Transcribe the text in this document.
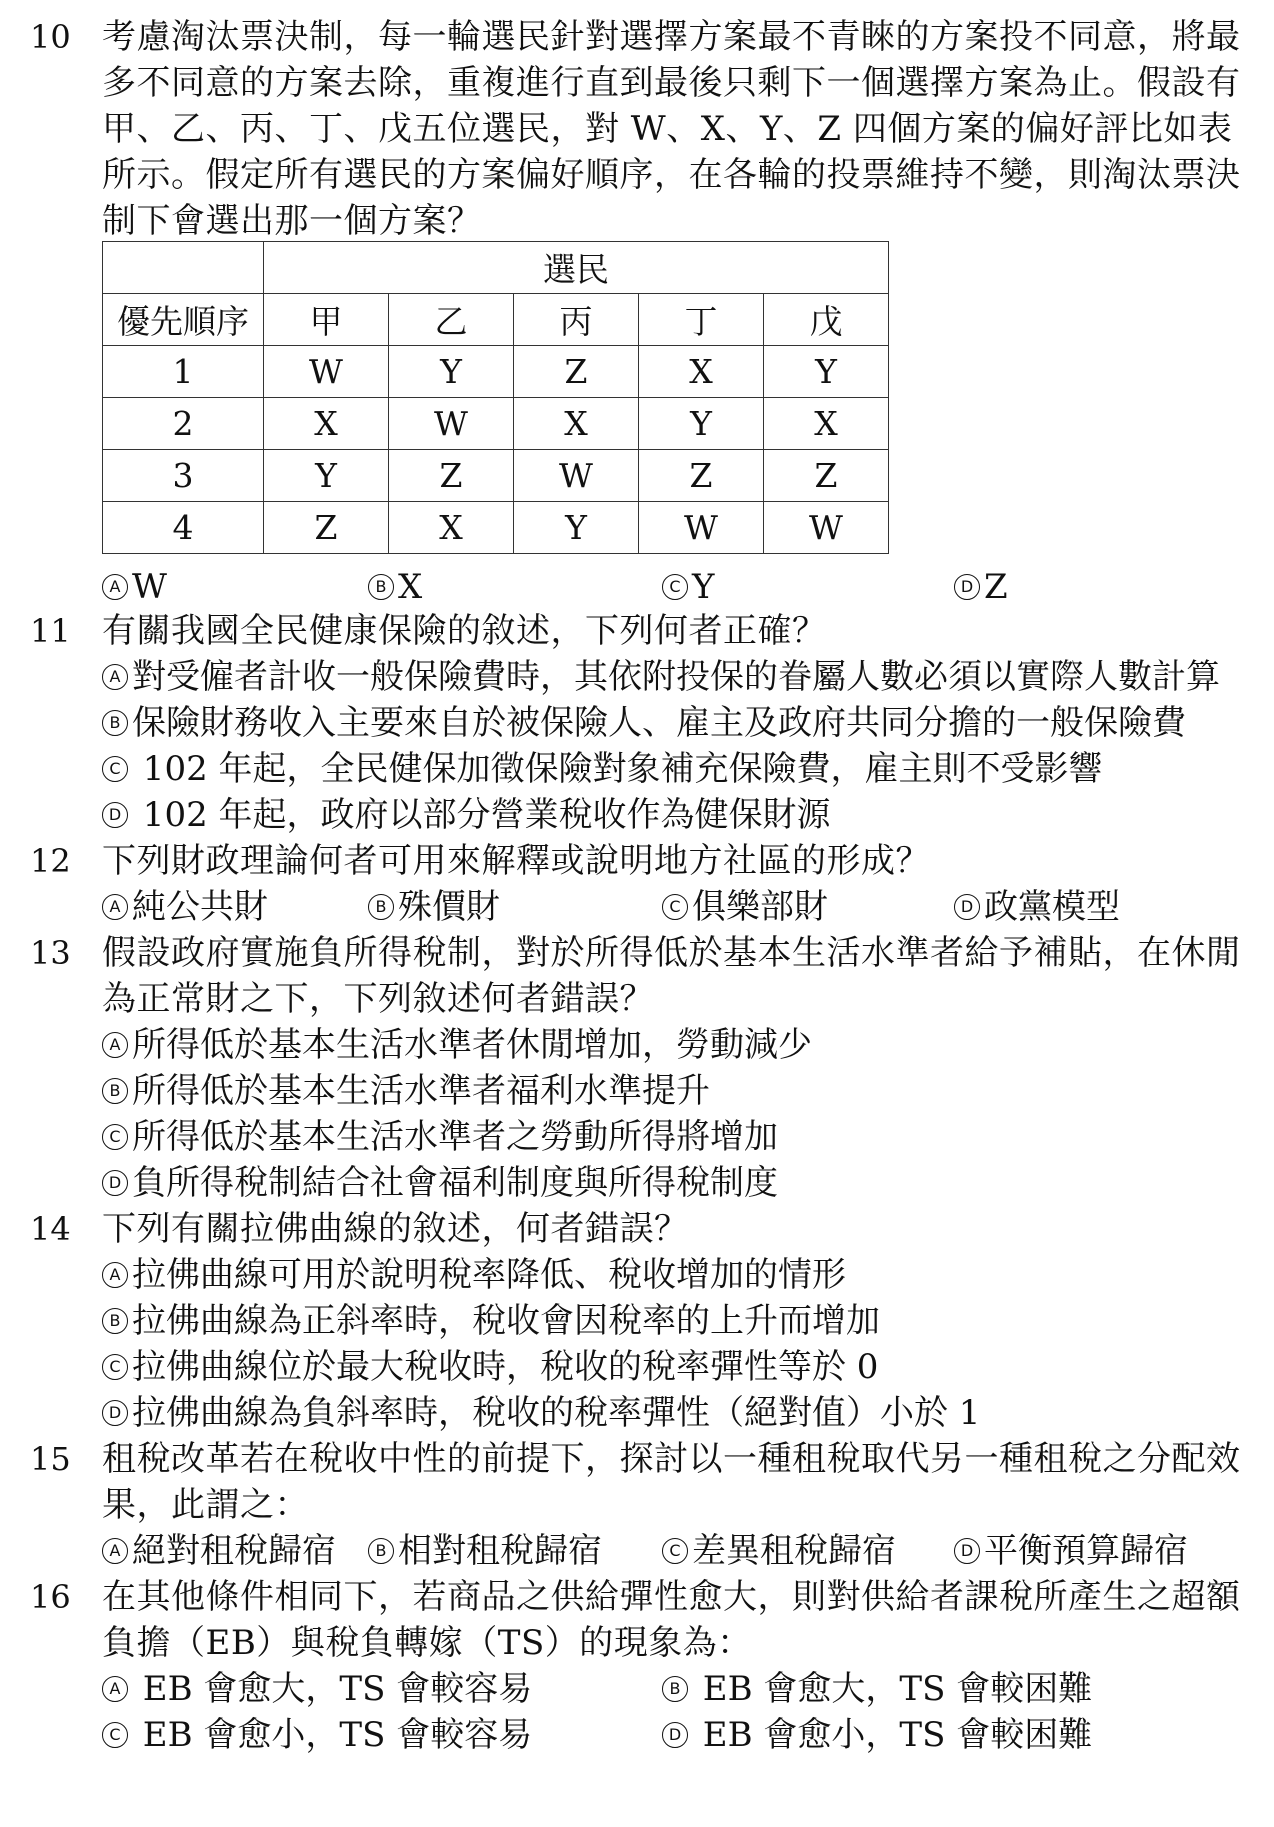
10 考慮淘汰票決制，每一輪選民針對選擇方案最不青睞的方案投不同意，將最
多不同意的方案去除，重複進行直到最後只剩下一個選擇方案為止。假設有
甲、乙、丙、丁、戊五位選民，對 W、X、Y、Z 四個方案的偏好評比如表
所示。假定所有選民的方案偏好順序，在各輪的投票維持不變，則淘汰票決
制下會選出那一個方案？
	選民				
優先順序	甲	乙	丙	丁	戊
1	W	Y	Z	X	Y
2	X	W	X	Y	X
3	Y	Z	W	Z	Z
4	Z	X	Y	W	W
A W	B X	C Y	D Z
11 有關我國全民健康保險的敘述，下列何者正確？
A 對受僱者計收一般保險費時，其依附投保的眷屬人數必須以實際人數計算
B 保險財務收入主要來自於被保險人、雇主及政府共同分擔的一般保險費
C 102 年起，全民健保加徵保險對象補充保險費，雇主則不受影響
D 102 年起，政府以部分營業稅收作為健保財源
12 下列財政理論何者可用來解釋或說明地方社區的形成？
A 純公共財	B 殊價財	C 俱樂部財	D 政黨模型
13 假設政府實施負所得稅制，對於所得低於基本生活水準者給予補貼，在休閒
為正常財之下，下列敘述何者錯誤？
A 所得低於基本生活水準者休閒增加，勞動減少
B 所得低於基本生活水準者福利水準提升
C 所得低於基本生活水準者之勞動所得將增加
D 負所得稅制結合社會福利制度與所得稅制度
14 下列有關拉佛曲線的敘述，何者錯誤？
A 拉佛曲線可用於說明稅率降低、稅收增加的情形
B 拉佛曲線為正斜率時，稅收會因稅率的上升而增加
C 拉佛曲線位於最大稅收時，稅收的稅率彈性等於 0
D 拉佛曲線為負斜率時，稅收的稅率彈性（絕對值）小於 1
15 租稅改革若在稅收中性的前提下，探討以一種租稅取代另一種租稅之分配效
果，此謂之：
A 絕對租稅歸宿	B 相對租稅歸宿	C 差異租稅歸宿	D 平衡預算歸宿
16 在其他條件相同下，若商品之供給彈性愈大，則對供給者課稅所產生之超額
負擔（EB）與稅負轉嫁（TS）的現象為：
A EB 會愈大，TS 會較容易	B EB 會愈大，TS 會較困難
C EB 會愈小，TS 會較容易	D EB 會愈小，TS 會較困難
